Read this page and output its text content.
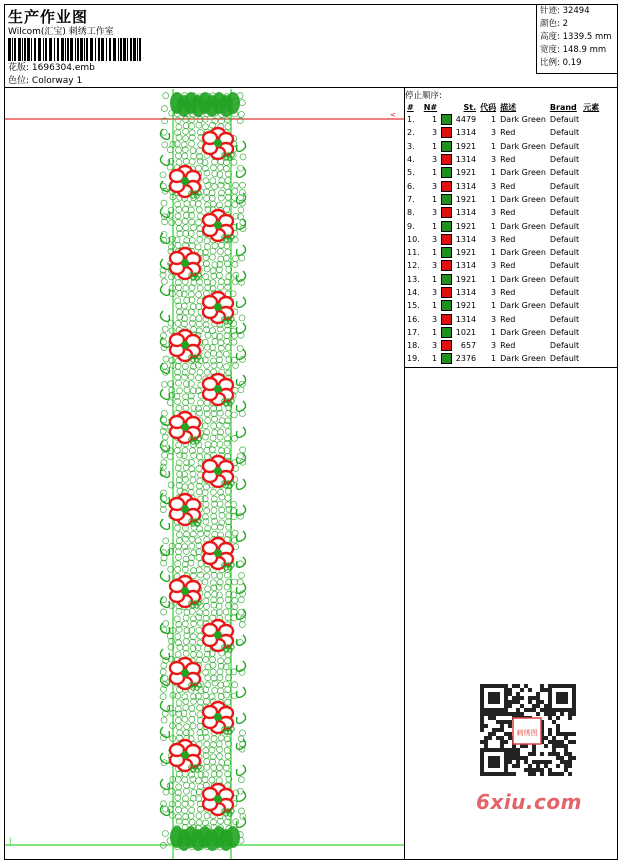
生产作业图
Wilcom(汇宝) 刺绣工作室
花版: 1696304.emb
色位: Colorway 1
针迹: 32494
颜色: 2
高度: 1339.5 mm
宽度: 148.9 mm
比例: 0.19
<
|
停止顺序:
#	N#	St.	代码	描述	Brand	元素
1.	1	4479	1	Dark Green	Default	
2.	3	1314	3	Red	Default	
3.	1	1921	1	Dark Green	Default	
4.	3	1314	3	Red	Default	
5.	1	1921	1	Dark Green	Default	
6.	3	1314	3	Red	Default	
7.	1	1921	1	Dark Green	Default	
8.	3	1314	3	Red	Default	
9.	1	1921	1	Dark Green	Default	
10.	3	1314	3	Red	Default	
11.	1	1921	1	Dark Green	Default	
12.	3	1314	3	Red	Default	
13.	1	1921	1	Dark Green	Default	
14.	3	1314	3	Red	Default	
15.	1	1921	1	Dark Green	Default	
16.	3	1314	3	Red	Default	
17.	1	1021	1	Dark Green	Default	
18.	3	657	3	Red	Default	
19.	1	2376	1	Dark Green	Default	
刺绣图
6xiu.com
